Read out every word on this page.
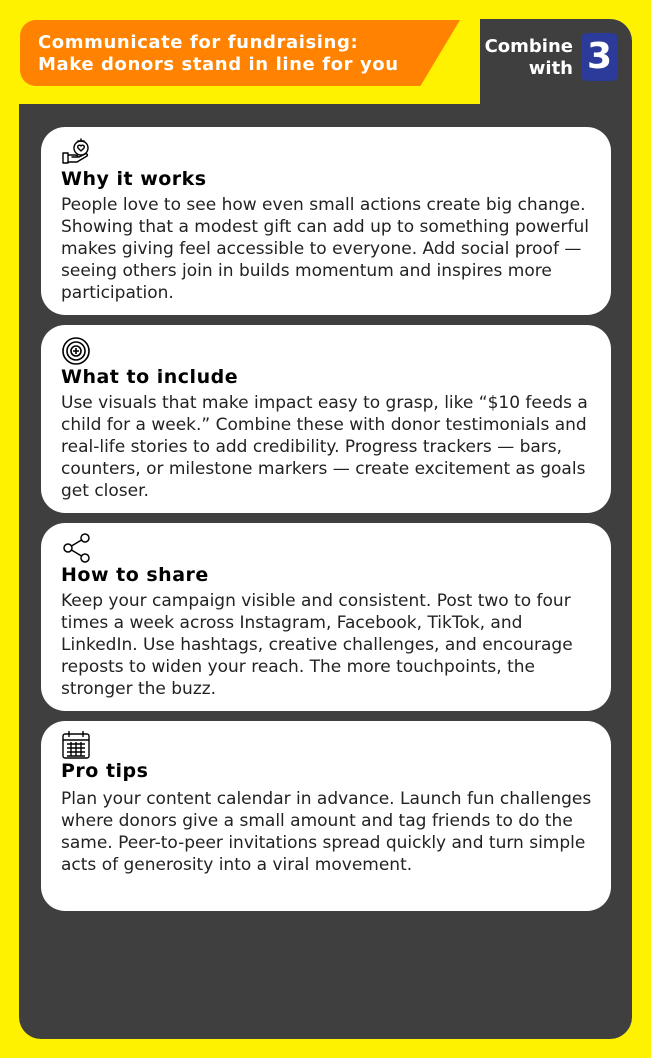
Communicate for fundraising:
Make donors stand in line for you
Combine
with 3
Why it works

People love to see how even small actions create big change. Showing that a modest gift can add up to something powerful makes giving feel accessible to everyone. Add social proof — seeing others join in builds momentum and inspires more participation.

What to include

Use visuals that make impact easy to grasp, like “$10 feeds a child for a week.” Combine these with donor testimonials and real-life stories to add credibility. Progress trackers — bars, counters, or milestone markers — create excitement as goals get closer.

How to share

Keep your campaign visible and consistent. Post two to four times a week across Instagram, Facebook, TikTok, and LinkedIn. Use hashtags, creative challenges, and encourage reposts to widen your reach. The more touchpoints, the stronger the buzz.

Pro tips

Plan your content calendar in advance. Launch fun challenges where donors give a small amount and tag friends to do the same. Peer-to-peer invitations spread quickly and turn simple acts of generosity into a viral movement.
